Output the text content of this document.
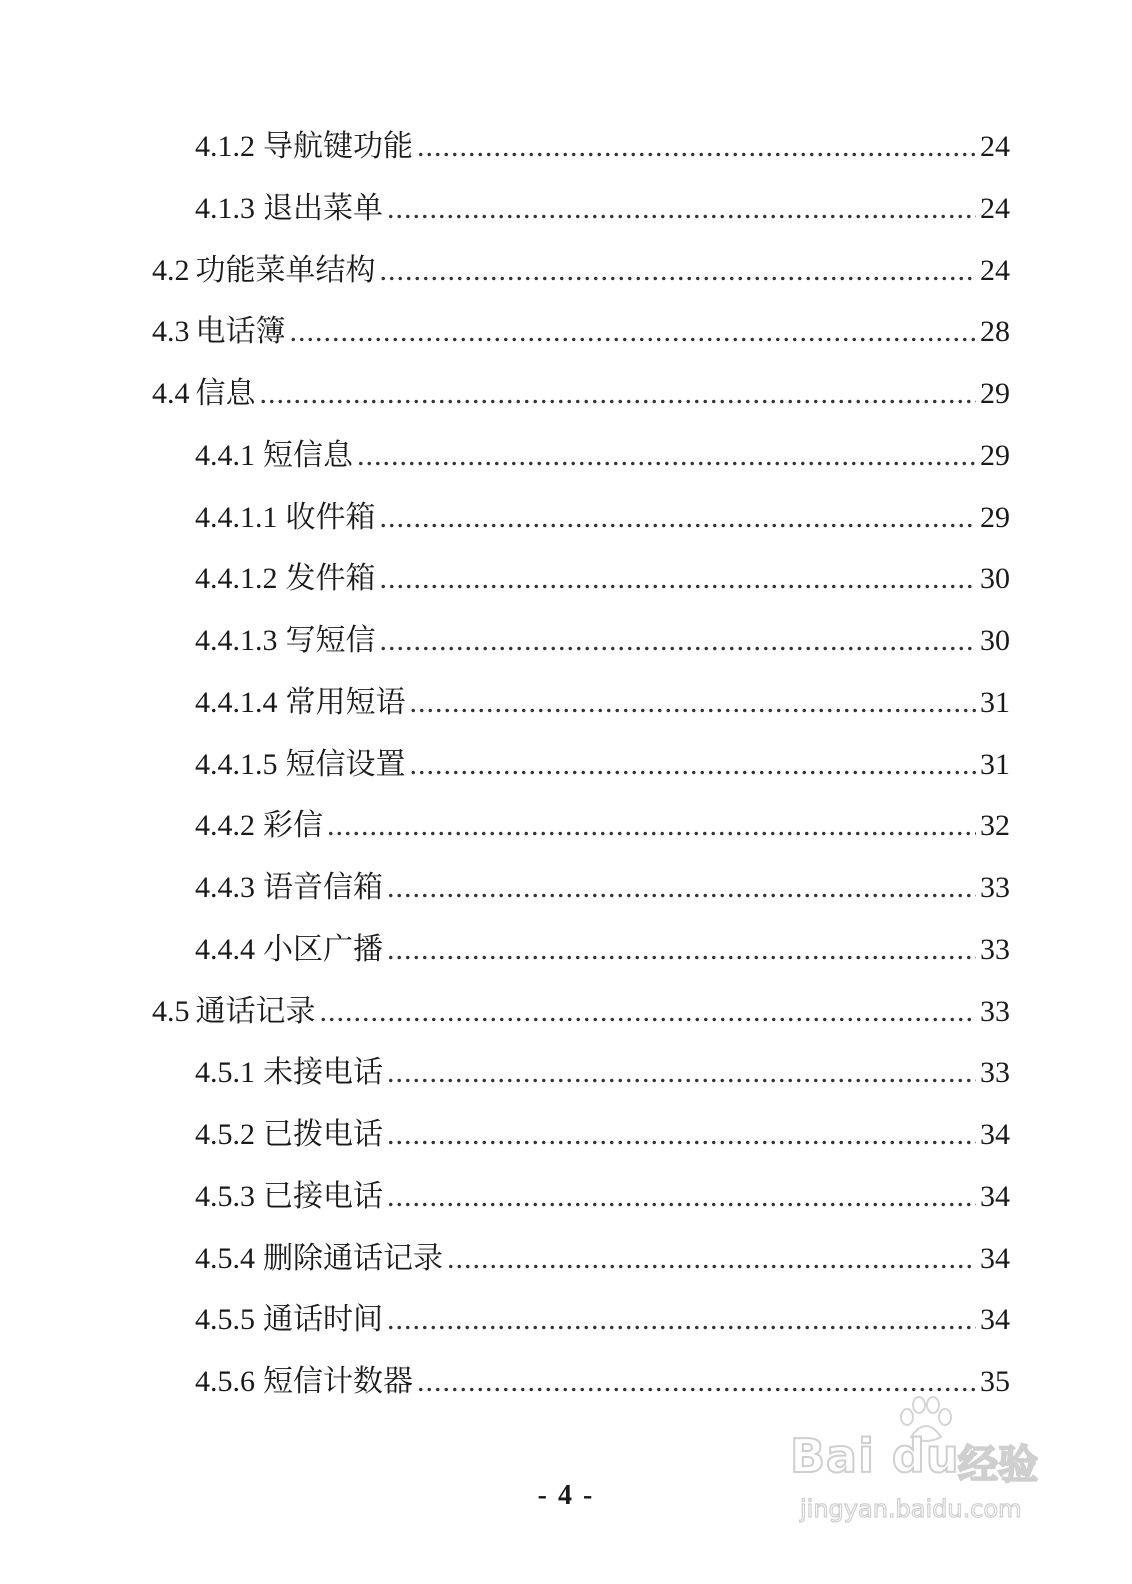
4.1.2 导航键功能 .....	24
4.1.3 退出菜单 .....	24
4.2 功能菜单结构 .....	24
4.3 电话簿 .....	28
4.4 信息 .....	29
4.4.1 短信息 .....	29
4.4.1.1 收件箱 .....	29
4.4.1.2 发件箱 .....	30
4.4.1.3 写短信 .....	30
4.4.1.4 常用短语 .....	31
4.4.1.5 短信设置 .....	31
4.4.2 彩信 .....	32
4.4.3 语音信箱 .....	33
4.4.4 小区广播 .....	33
4.5 通话记录 .....	33
4.5.1 未接电话 .....	33
4.5.2 已拨电话 .....	34
4.5.3 已接电话 .....	34
4.5.4 删除通话记录 .....	34
4.5.5 通话时间 .....	34
4.5.6 短信计数器 .....	35
- 4 -
Bai du
经验
jingyan.baidu.com
